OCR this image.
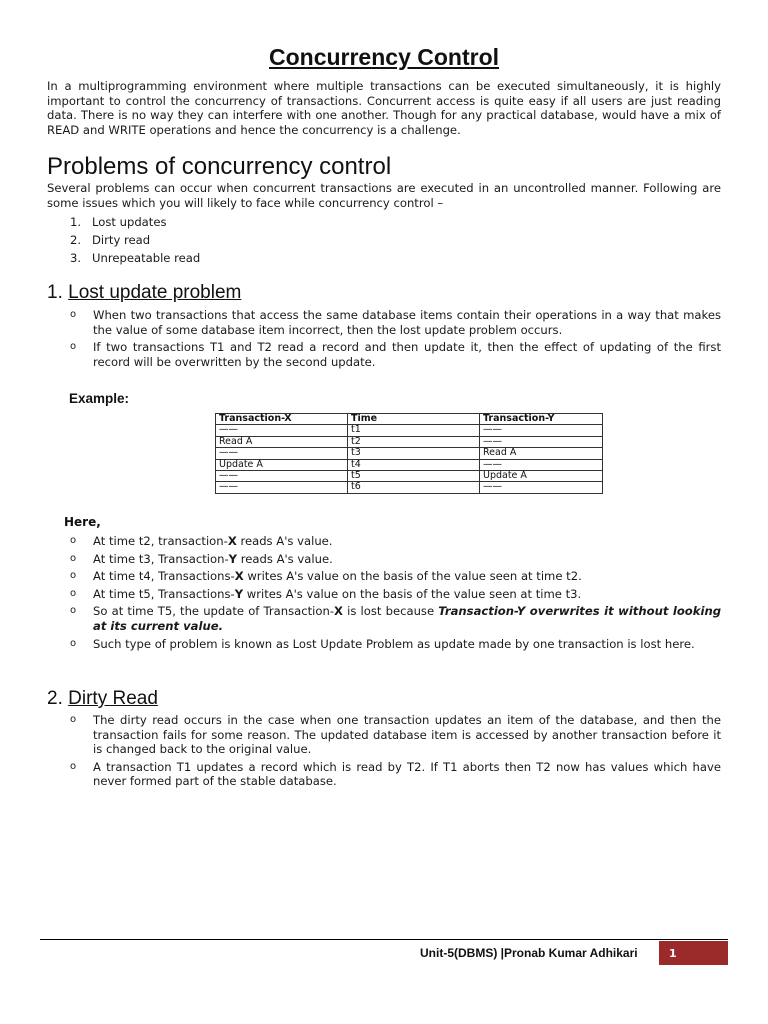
Concurrency Control

In a multiprogramming environment where multiple transactions can be executed simultaneously, it is highly important to control the concurrency of transactions. Concurrent access is quite easy if all users are just reading data. There is no way they can interfere with one another. Though for any practical database, would have a mix of READ and WRITE operations and hence the concurrency is a challenge.

Problems of concurrency control

Several problems can occur when concurrent transactions are executed in an uncontrolled manner. Following are some issues which you will likely to face while concurrency control –

1. Lost updates
2. Dirty read
3. Unrepeatable read
1. Lost update problem
o When two transactions that access the same database items contain their operations in a way that makes the value of some database item incorrect, then the lost update problem occurs.
o If two transactions T1 and T2 read a record and then update it, then the effect of updating of the first record will be overwritten by the second update.
Example:
Transaction-X	Time	Transaction-Y
——	t1	——
Read A	t2	——
——	t3	Read A
Update A	t4	——
——	t5	Update A
——	t6	——
Here,
o At time t2, transaction-X reads A's value.
o At time t3, Transaction-Y reads A's value.
o At time t4, Transactions-X writes A's value on the basis of the value seen at time t2.
o At time t5, Transactions-Y writes A's value on the basis of the value seen at time t3.
o So at time T5, the update of Transaction-X is lost because Transaction-Y overwrites it without looking at its current value.
o Such type of problem is known as Lost Update Problem as update made by one transaction is lost here.
2. Dirty Read
o The dirty read occurs in the case when one transaction updates an item of the database, and then the transaction fails for some reason. The updated database item is accessed by another transaction before it is changed back to the original value.
o A transaction T1 updates a record which is read by T2. If T1 aborts then T2 now has values which have never formed part of the stable database.
Unit-5(DBMS) |Pronab Kumar Adhikari	1
